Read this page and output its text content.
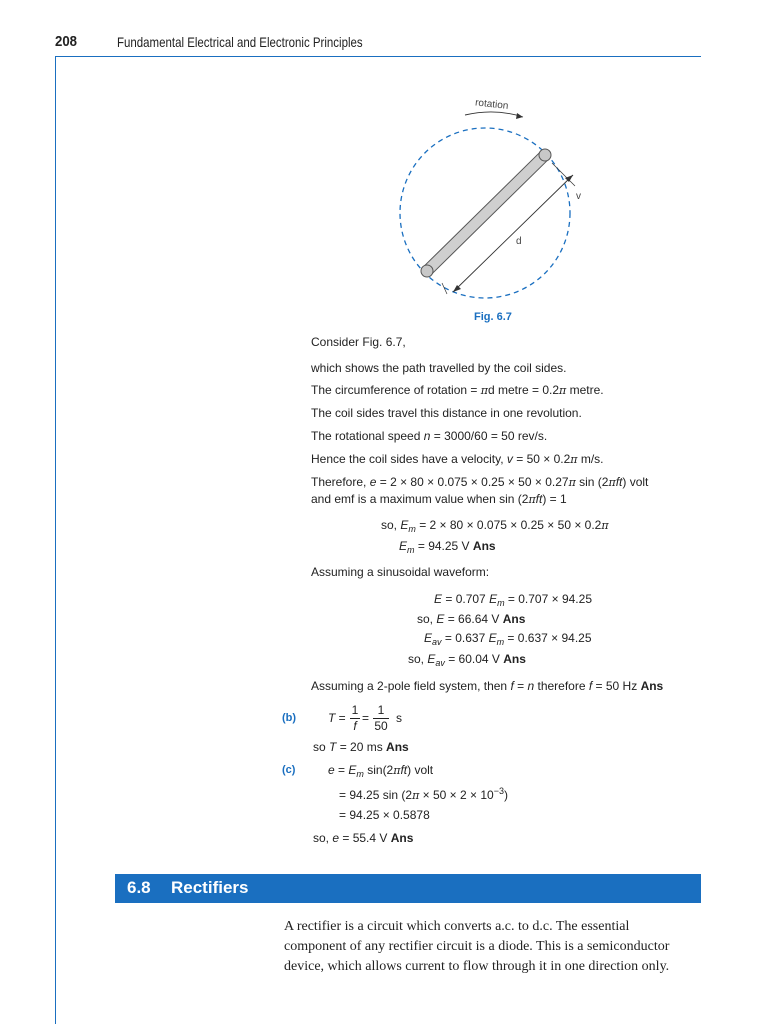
208	Fundamental Electrical and Electronic Principles
rotation
v
d
Fig. 6.7
Consider Fig. 6.7,
which shows the path travelled by the coil sides.
The circumference of rotation = πd metre = 0.2π metre.
The coil sides travel this distance in one revolution.
The rotational speed n = 3000/60 = 50 rev/s.
Hence the coil sides have a velocity, v = 50 × 0.2π m/s.
Therefore, e = 2 × 80 × 0.075 × 0.25 × 50 × 0.27π sin (2πft) volt
and emf is a maximum value when sin (2πft) = 1
so, $E_m = 2 \times 80 \times 0.075 \times 0.25 \times 50 \times 0.2\pi$
$E_m = 94.25$ V Ans
Assuming a sinusoidal waveform:
E = 0.707 $E_m = 0.707 \times 94.25$
so, E = 66.64 V Ans
$E_{av} = 0.637$ $E_m = 0.637 \times 94.25$
so, $E_{av} = 60.04$ V Ans
Assuming a 2-pole field system, then f = n therefore f = 50 Hz Ans
(b)	T =
1
f
=
1
50
s
so T = 20 ms Ans
(c)	$e = E_m$ sin(2πft) volt
= 94.25 $\sin (2\pi \times 50 \times 2 \times 10^{-3})$
= 94.25 × 0.5878
so, e = 55.4 V Ans
6.8 Rectifiers
A rectifier is a circuit which converts a.c. to d.c. The essential component of any rectifier circuit is a diode. This is a semiconductor device, which allows current to flow through it in one direction only.
